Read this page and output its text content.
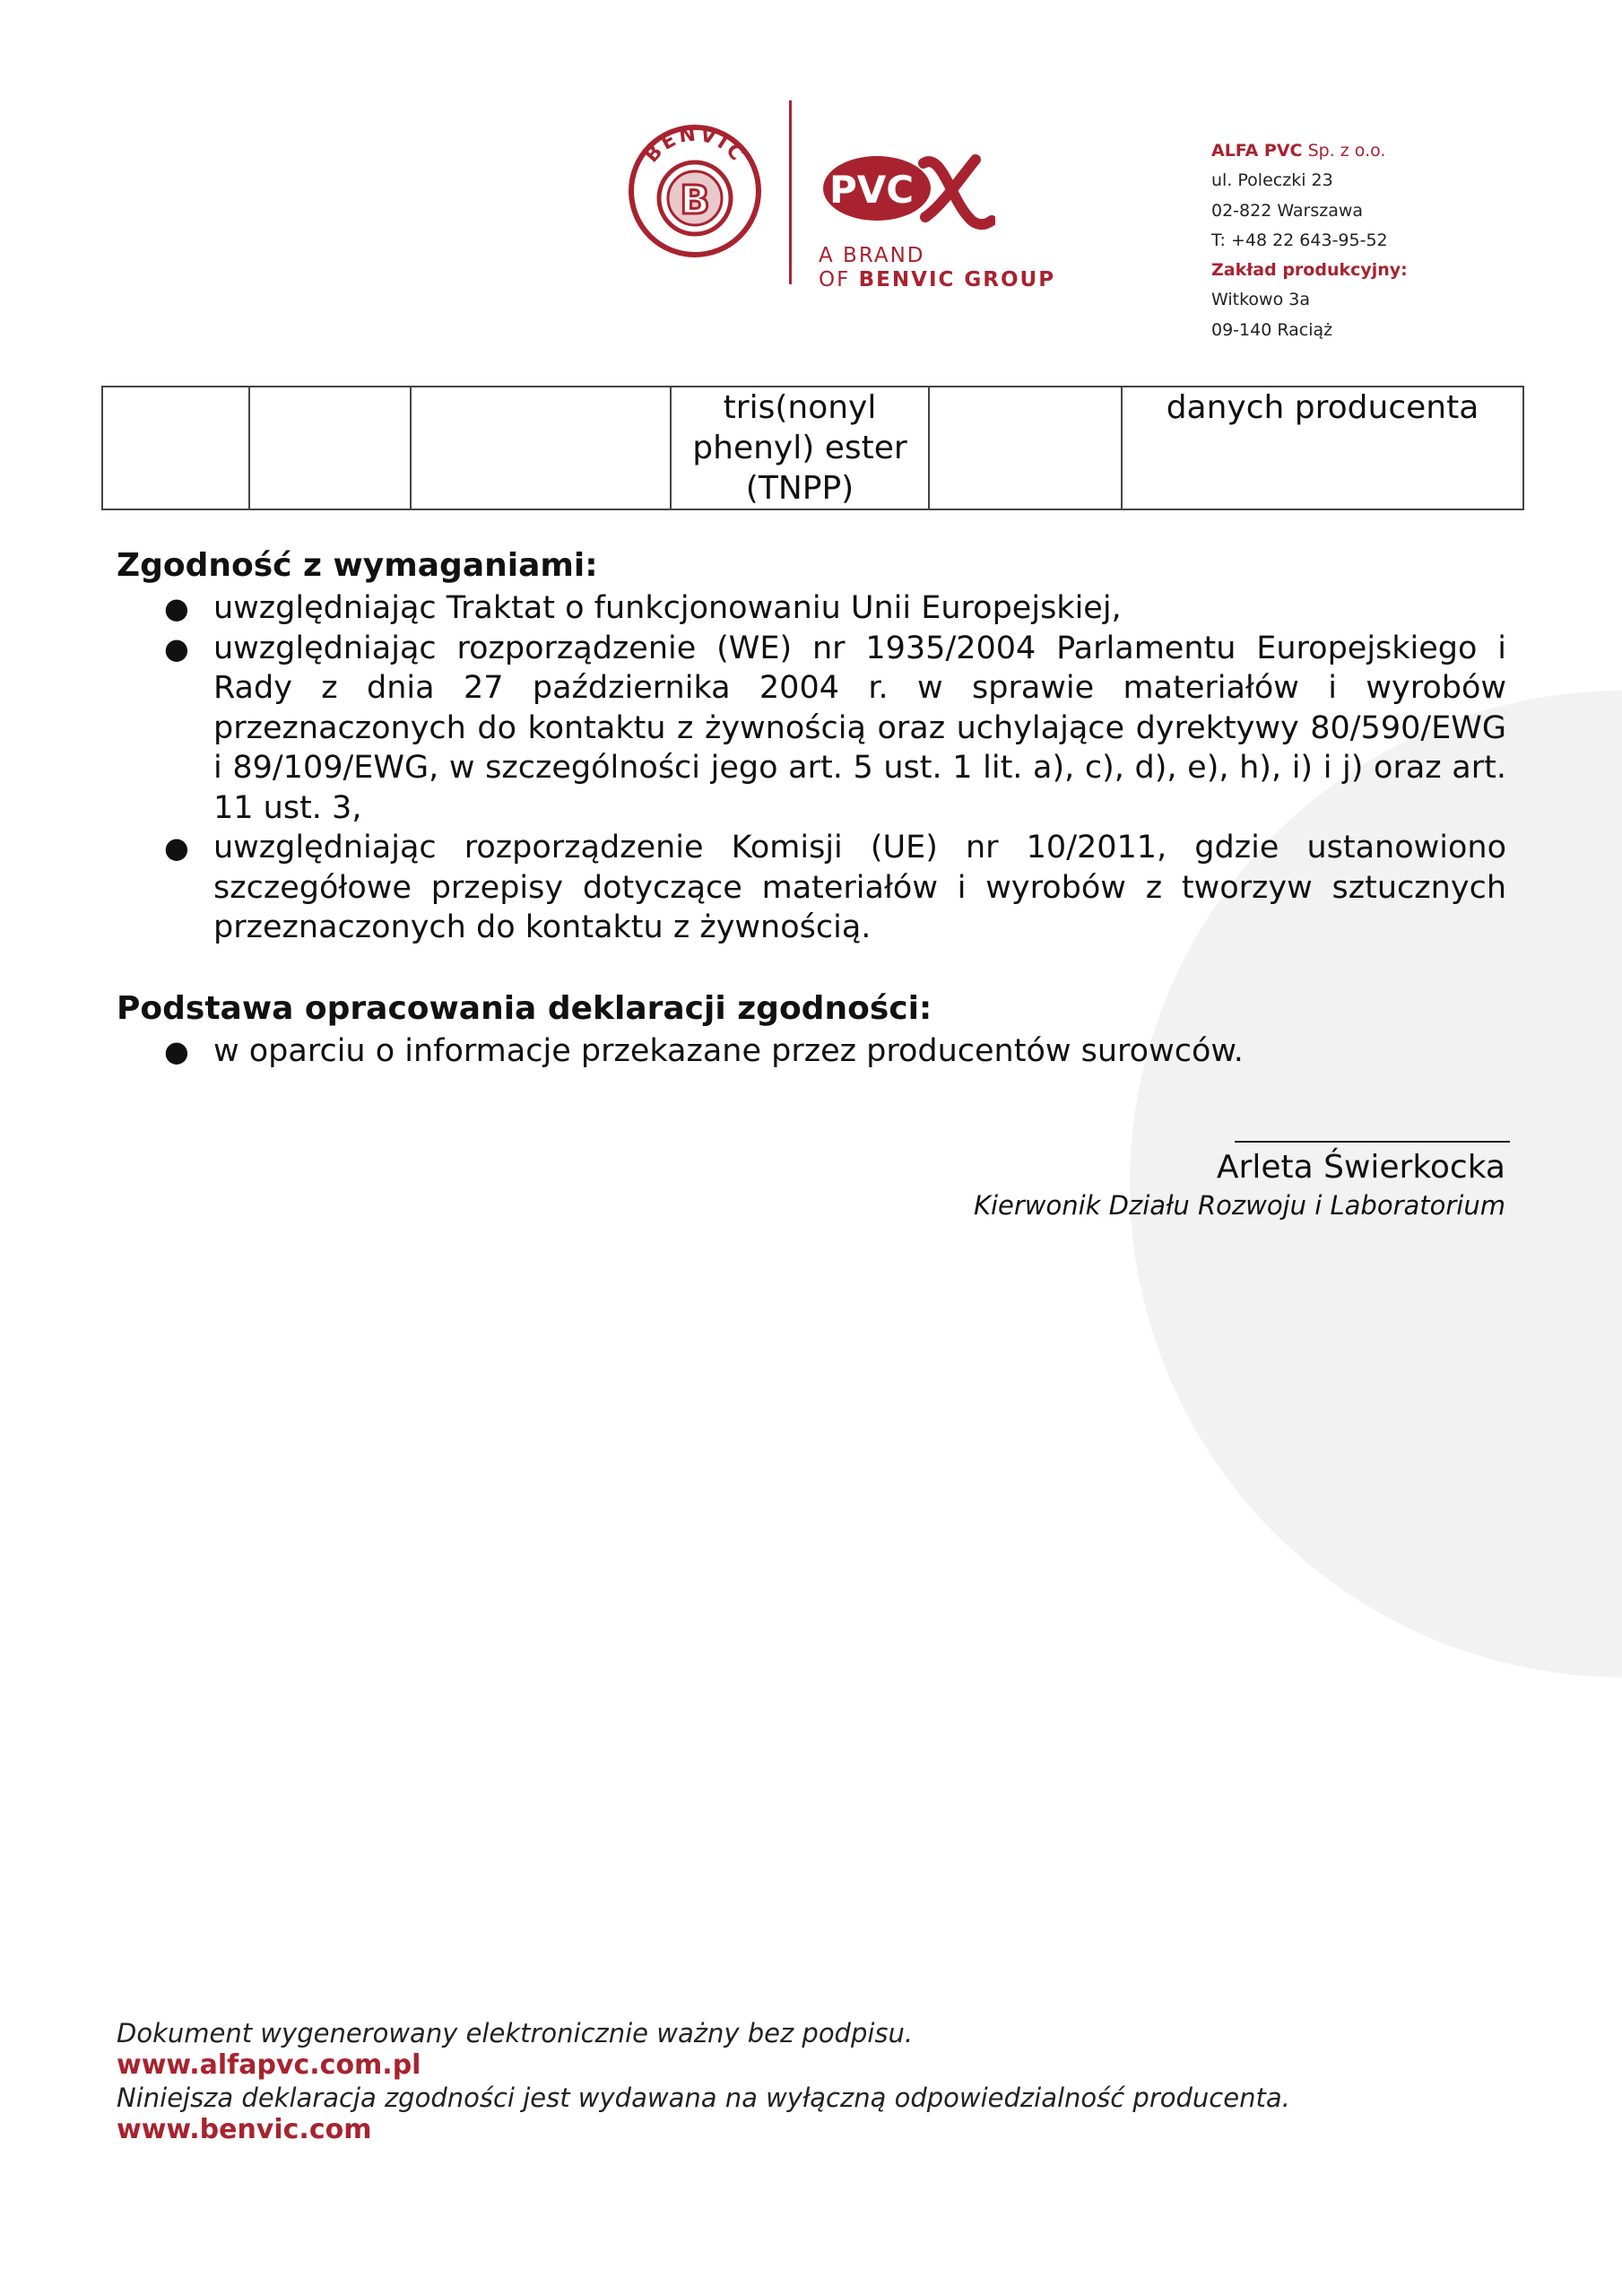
BENVIC
B	PVC
A BRAND
OF BENVIC GROUP
ALFA PVC Sp. z o.o.
ul. Poleczki 23
02-822 Warszawa
T: +48 22 643-95-52
Zakład produkcyjny:
Witkowo 3a
09-140 Raciąż
			tris(nonyl phenyl) ester (TNPP)		danych producenta
Zgodność z wymaganiami:
● uwzględniając Traktat o funkcjonowaniu Unii Europejskiej,
● uwzględniając rozporządzenie (WE) nr 1935/2004 Parlamentu Europejskiego i Rady z dnia 27 października 2004 r. w sprawie materiałów i wyrobów przeznaczonych do kontaktu z żywnością oraz uchylające dyrektywy 80/590/EWG i 89/109/EWG, w szczególności jego art. 5 ust. 1 lit. a), c), d), e), h), i) i j) oraz art. 11 ust. 3,
● uwzględniając rozporządzenie Komisji (UE) nr 10/2011, gdzie ustanowiono szczegółowe przepisy dotyczące materiałów i wyrobów z tworzyw sztucznych przeznaczonych do kontaktu z żywnością.
Podstawa opracowania deklaracji zgodności:
● w oparciu o informacje przekazane przez producentów surowców.
Arleta Świerkocka
Kierwonik Działu Rozwoju i Laboratorium
Dokument wygenerowany elektronicznie ważny bez podpisu.
www.alfapvc.com.pl
Niniejsza deklaracja zgodności jest wydawana na wyłączną odpowiedzialność producenta.
www.benvic.com
